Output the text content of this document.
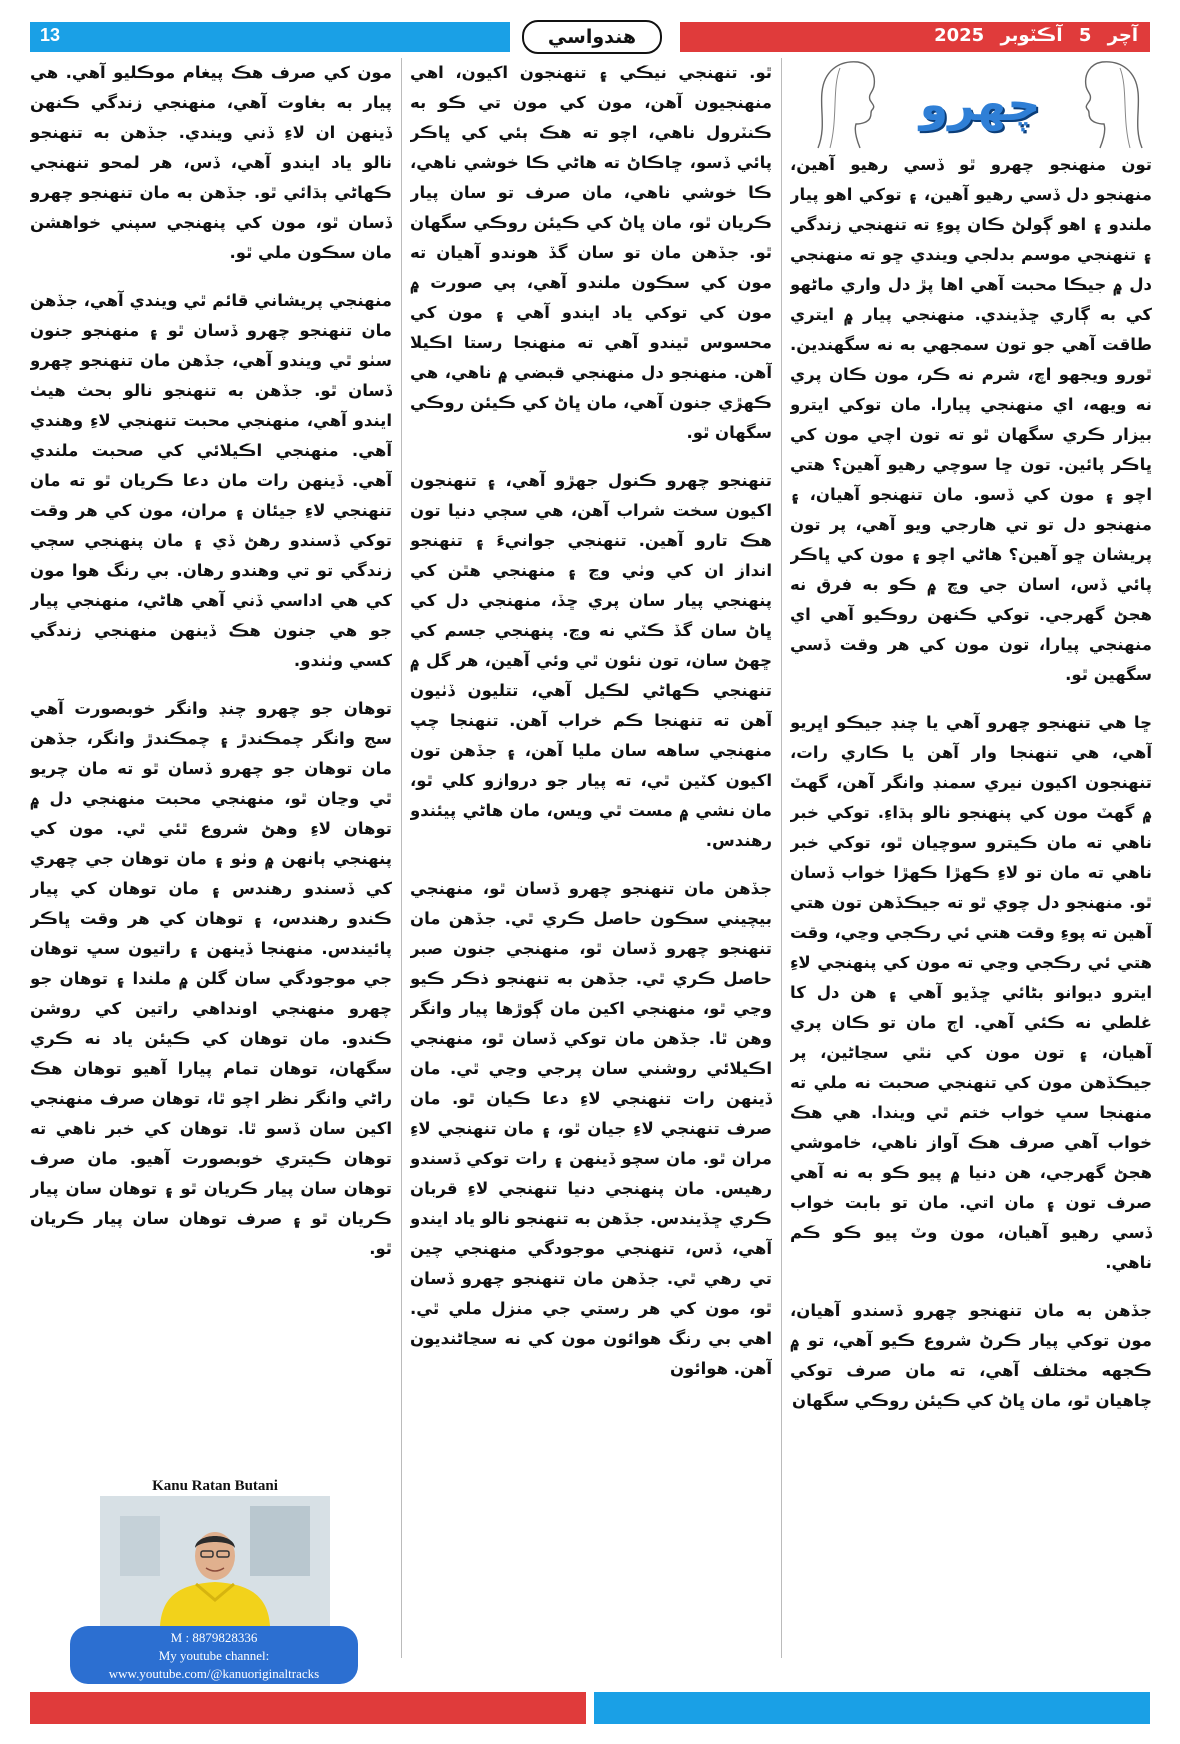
13	آچر 5 آڪٽوبر 2025
هندواسي
چهرو

تون منهنجو چهرو ٿو ڏسي رهيو آهين، منهنجو دل ڏسي رهيو آهين، ۽ توکي اهو پيار ملندو ۽ اهو ڳولڻ ڪان پوءِ ته تنهنجي زندگي ۽ تنهنجي موسم بدلجي ويندي ڇو ته منهنجي دل ۾ جيڪا محبت آهي اها پڙ دل واري ماڻهو کي به ڳاري ڇڏيندي. منهنجي پيار ۾ ايتري طاقت آهي جو تون سمجهي به نه سگهندين. ٿورو ويجهو اچ، شرم نه ڪر، مون ڪان پري نه ويهه، اي منهنجي پيارا. مان توکي ايترو بيزار ڪري سگهان ٿو ته تون اچي مون کي ڀاڪر پائين. تون ڇا سوچي رهيو آهين؟ هتي اچو ۽ مون کي ڏسو. مان تنهنجو آهيان، ۽ منهنجو دل تو تي هارجي ويو آهي، پر تون پريشان ڇو آهين؟ هاڻي اچو ۽ مون کي ڀاڪر پائي ڏس، اسان جي وچ ۾ ڪو به فرق نه هجڻ گهرجي. توکي ڪنهن روڪيو آهي اي منهنجي پيارا، تون مون کي هر وقت ڏسي سگهين ٿو.

ڇا هي تنهنجو چهرو آهي يا چنڊ جيڪو اڀريو آهي، هي تنهنجا وار آهن يا ڪاري رات، تنهنجون اکيون نيري سمنڊ وانگر آهن، گهٽ ۾ گهٽ مون کي پنهنجو نالو ٻڌاءِ. توکي خبر ناهي ته مان ڪيترو سوچيان ٿو، توکي خبر ناهي ته مان تو لاءِ ڪهڙا ڪهڙا خواب ڏسان ٿو. منهنجو دل چوي ٿو ته جيڪڏهن تون هتي آهين ته پوءِ وقت هتي ئي رڪجي وڃي، وقت هتي ئي رڪجي وڃي ته مون کي پنهنجي لاءِ ايترو ديوانو بڻائي ڇڏيو آهي ۽ هن دل کا غلطي نه ڪئي آهي. اڄ مان تو ڪان پري آهيان، ۽ تون مون کي نٿي سڃاڻين، پر جيڪڏهن مون کي تنهنجي صحبت نه ملي ته منهنجا سڀ خواب ختم ٿي ويندا. هي هڪ خواب آهي صرف هڪ آواز ناهي، خاموشي هجڻ گهرجي، هن دنيا ۾ پيو ڪو به نه آهي صرف تون ۽ مان اتي. مان تو بابت خواب ڏسي رهيو آهيان، مون وٽ پيو ڪو ڪم ناهي.

جڏهن به مان تنهنجو چهرو ڏسندو آهيان، مون توکي پيار ڪرڻ شروع ڪيو آهي، تو ۾ ڪجهه مختلف آهي، ته مان صرف توکي چاهيان ٿو، مان ڀاڻ کي ڪيئن روڪي سگهان

ٿو. تنهنجي نيڪي ۽ تنهنجون اکيون، اهي منهنجيون آهن، مون کي مون تي ڪو به ڪنٽرول ناهي، اچو ته هڪ ٻئي کي ڀاڪر پائي ڏسو، ڇاڪاڻ ته هاڻي ڪا خوشي ناهي، ڪا خوشي ناهي، مان صرف تو سان پيار ڪريان ٿو، مان ڀاڻ کي ڪيئن روڪي سگهان ٿو. جڏهن مان تو سان گڏ هوندو آهيان ته مون کي سڪون ملندو آهي، ٻي صورت ۾ مون کي توکي ياد ايندو آهي ۽ مون کي محسوس ٿيندو آهي ته منهنجا رستا اڪيلا آهن. منهنجو دل منهنجي قبضي ۾ ناهي، هي ڪهڙي جنون آهي، مان ڀاڻ کي ڪيئن روڪي سگهان ٿو.

تنهنجو چهرو ڪنول جهڙو آهي، ۽ تنهنجون اکيون سخت شراب آهن، هي سڄي دنيا تون هڪ تارو آهين. تنهنجي جوانيءَ ۽ تنهنجو انداز ان کي وٺي وڃ ۽ منهنجي هٿن کي پنهنجي پيار سان پري ڇڏ، منهنجي دل کي ڀاڻ سان گڏ ڪٽي نه وڃ. پنهنجي جسم کي ڇهڻ سان، تون نئون ٿي وئي آهين، هر گل ۾ تنهنجي ڪهاڻي لڪيل آهي، تتليون ڏٺيون آهن ته تنهنجا ڪم خراب آهن. تنهنجا چپ منهنجي ساهه سان مليا آهن، ۽ جڏهن تون اکيون کٽين ٿي، ته پيار جو دروازو کلي ٿو، مان نشي ۾ مست ٿي ويس، مان هاڻي پيئندو رهندس.

جڏهن مان تنهنجو چهرو ڏسان ٿو، منهنجي بيچيني سڪون حاصل ڪري ٿي. جڏهن مان تنهنجو چهرو ڏسان ٿو، منهنجي جنون صبر حاصل ڪري ٿي. جڏهن به تنهنجو ذڪر ڪيو وڃي ٿو، منهنجي اکين مان ڳوڙها پيار وانگر وهن ٿا. جڏهن مان توکي ڏسان ٿو، منهنجي اڪيلائي روشني سان پرجي وڃي ٿي. مان ڏينهن رات تنهنجي لاءِ دعا ڪيان ٿو. مان صرف تنهنجي لاءِ جيان ٿو، ۽ مان تنهنجي لاءِ مران ٿو. مان سچو ڏينهن ۽ رات توکي ڏسندو رهيس. مان پنهنجي دنيا تنهنجي لاءِ قربان ڪري ڇڏيندس. جڏهن به تنهنجو نالو ياد ايندو آهي، ڏس، تنهنجي موجودگي منهنجي چين تي رهي ٿي. جڏهن مان تنهنجو چهرو ڏسان ٿو، مون کي هر رستي جي منزل ملي ٿي. اهي بي رنگ هوائون مون کي نه سڃاڻنديون آهن. هوائون

مون کي صرف هڪ پيغام موڪليو آهي. هي پيار به بغاوت آهي، منهنجي زندگي ڪنهن ڏينهن ان لاءِ ڏني ويندي. جڏهن به تنهنجو نالو ياد ايندو آهي، ڏس، هر لمحو تنهنجي ڪهاڻي ٻڌائي ٿو. جڏهن به مان تنهنجو چهرو ڏسان ٿو، مون کي پنهنجي سپني خواهشن مان سڪون ملي ٿو.

منهنجي پريشاني قائم ٿي ويندي آهي، جڏهن مان تنهنجو چهرو ڏسان ٿو ۽ منهنجو جنون سٺو ٿي ويندو آهي، جڏهن مان تنهنجو چهرو ڏسان ٿو. جڏهن به تنهنجو نالو بحث هيٺ ايندو آهي، منهنجي محبت تنهنجي لاءِ وهندي آهي. منهنجي اڪيلائي کي صحبت ملندي آهي. ڏينهن رات مان دعا ڪريان ٿو ته مان تنهنجي لاءِ جيئان ۽ مران، مون کي هر وقت توکي ڏسندو رهڻ ڏي ۽ مان پنهنجي سڄي زندگي تو تي وهندو رهان. بي رنگ هوا مون کي هي اداسي ڏني آهي هاڻي، منهنجي پيار جو هي جنون هڪ ڏينهن منهنجي زندگي کسي وٺندو.

توهان جو چهرو چنڊ وانگر خوبصورت آهي سج وانگر چمڪندڙ ۽ چمڪندڙ وانگر، جڏهن مان توهان جو چهرو ڏسان ٿو ته مان چريو ٿي وڃان ٿو، منهنجي محبت منهنجي دل ۾ توهان لاءِ وهڻ شروع ٿئي ٿي. مون کي پنهنجي ٻانهن ۾ وٺو ۽ مان توهان جي چهري کي ڏسندو رهندس ۽ مان توهان کي پيار ڪندو رهندس، ۽ توهان کي هر وقت ڀاڪر پائيندس. منهنجا ڏينهن ۽ راتيون سڀ توهان جي موجودگي سان گلن ۾ ملندا ۽ توهان جو چهرو منهنجي اونداهي راتين کي روشن ڪندو. مان توهان کي ڪيئن ياد نه ڪري سگهان، توهان تمام پيارا آهيو توهان هڪ راڻي وانگر نظر اچو ٿا، توهان صرف منهنجي اکين سان ڏسو ٿا. توهان کي خبر ناهي ته توهان ڪيتري خوبصورت آهيو. مان صرف توهان سان پيار ڪريان ٿو ۽ توهان سان پيار ڪريان ٿو ۽ صرف توهان سان پيار ڪريان ٿو.

Kanu Ratan Butani
M : 8879828336
My youtube channel:
www.youtube.com/@kanuoriginaltracks
